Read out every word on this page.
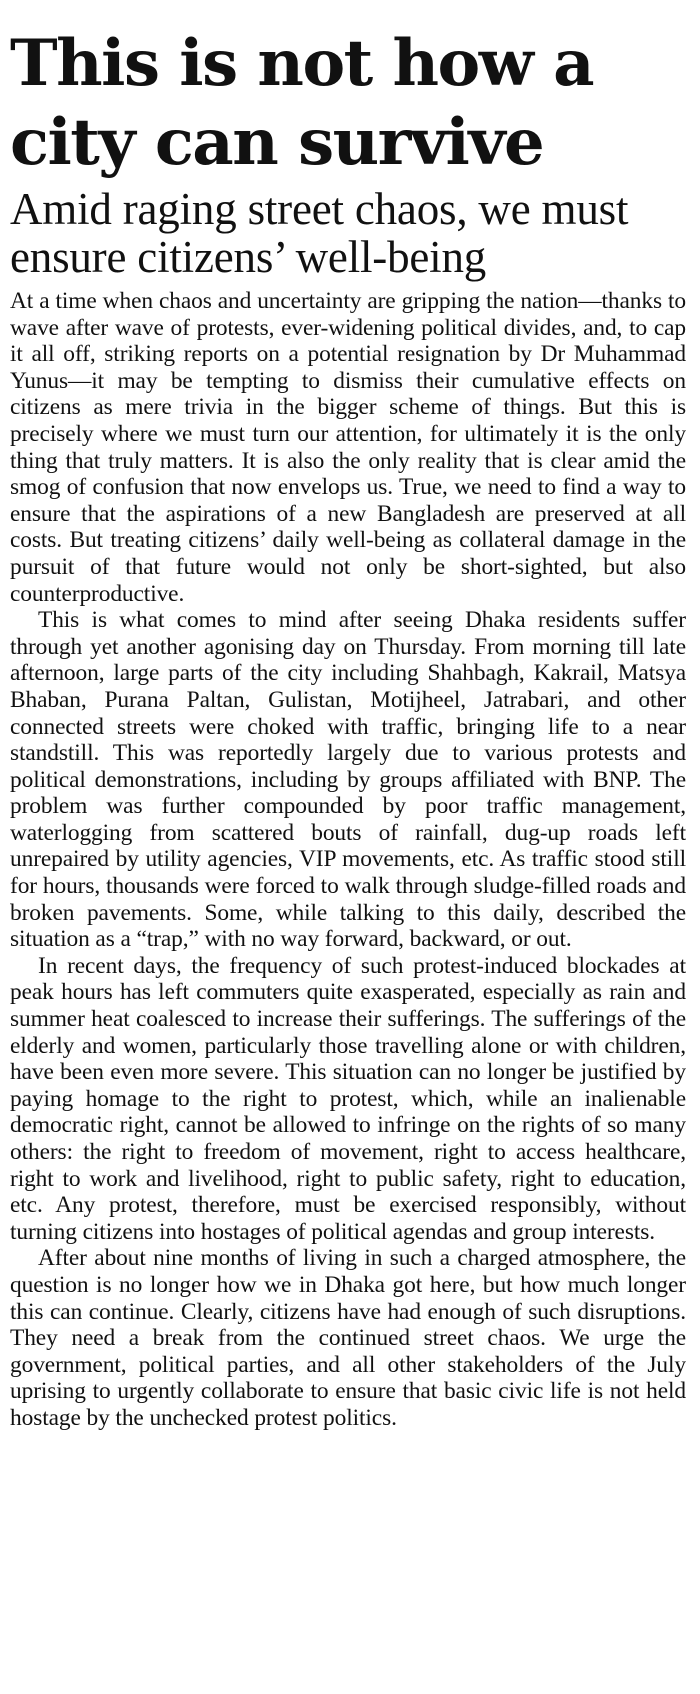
This is not how a city can survive
Amid raging street chaos, we must ensure citizens’ well-being

At a time when chaos and uncertainty are gripping the nation—thanks to wave after wave of protests, ever-widening political divides, and, to cap it all off, striking reports on a potential resignation by Dr Muhammad Yunus—it may be tempting to dismiss their cumulative effects on citizens as mere trivia in the bigger scheme of things. But this is precisely where we must turn our attention, for ultimately it is the only thing that truly matters. It is also the only reality that is clear amid the smog of confusion that now envelops us. True, we need to find a way to ensure that the aspirations of a new Bangladesh are preserved at all costs. But treating citizens’ daily well-being as collateral damage in the pursuit of that future would not only be short-sighted, but also counterproductive.

This is what comes to mind after seeing Dhaka residents suffer through yet another agonising day on Thursday. From morning till late afternoon, large parts of the city including Shahbagh, Kakrail, Matsya Bhaban, Purana Paltan, Gulistan, Motijheel, Jatrabari, and other connected streets were choked with traffic, bringing life to a near standstill. This was reportedly largely due to various protests and political demonstrations, including by groups affiliated with BNP. The problem was further compounded by poor traffic management, waterlogging from scattered bouts of rainfall, dug-up roads left unrepaired by utility agencies, VIP movements, etc. As traffic stood still for hours, thousands were forced to walk through sludge-filled roads and broken pavements. Some, while talking to this daily, described the situation as a “trap,” with no way forward, backward, or out.

In recent days, the frequency of such protest-induced blockades at peak hours has left commuters quite exasperated, especially as rain and summer heat coalesced to increase their sufferings. The sufferings of the elderly and women, particularly those travelling alone or with children, have been even more severe. This situation can no longer be justified by paying homage to the right to protest, which, while an inalienable democratic right, cannot be allowed to infringe on the rights of so many others: the right to freedom of movement, right to access healthcare, right to work and livelihood, right to public safety, right to education, etc. Any protest, therefore, must be exercised responsibly, without turning citizens into hostages of political agendas and group interests.

After about nine months of living in such a charged atmosphere, the question is no longer how we in Dhaka got here, but how much longer this can continue. Clearly, citizens have had enough of such disruptions. They need a break from the continued street chaos. We urge the government, political parties, and all other stakeholders of the July uprising to urgently collaborate to ensure that basic civic life is not held hostage by the unchecked protest politics.
